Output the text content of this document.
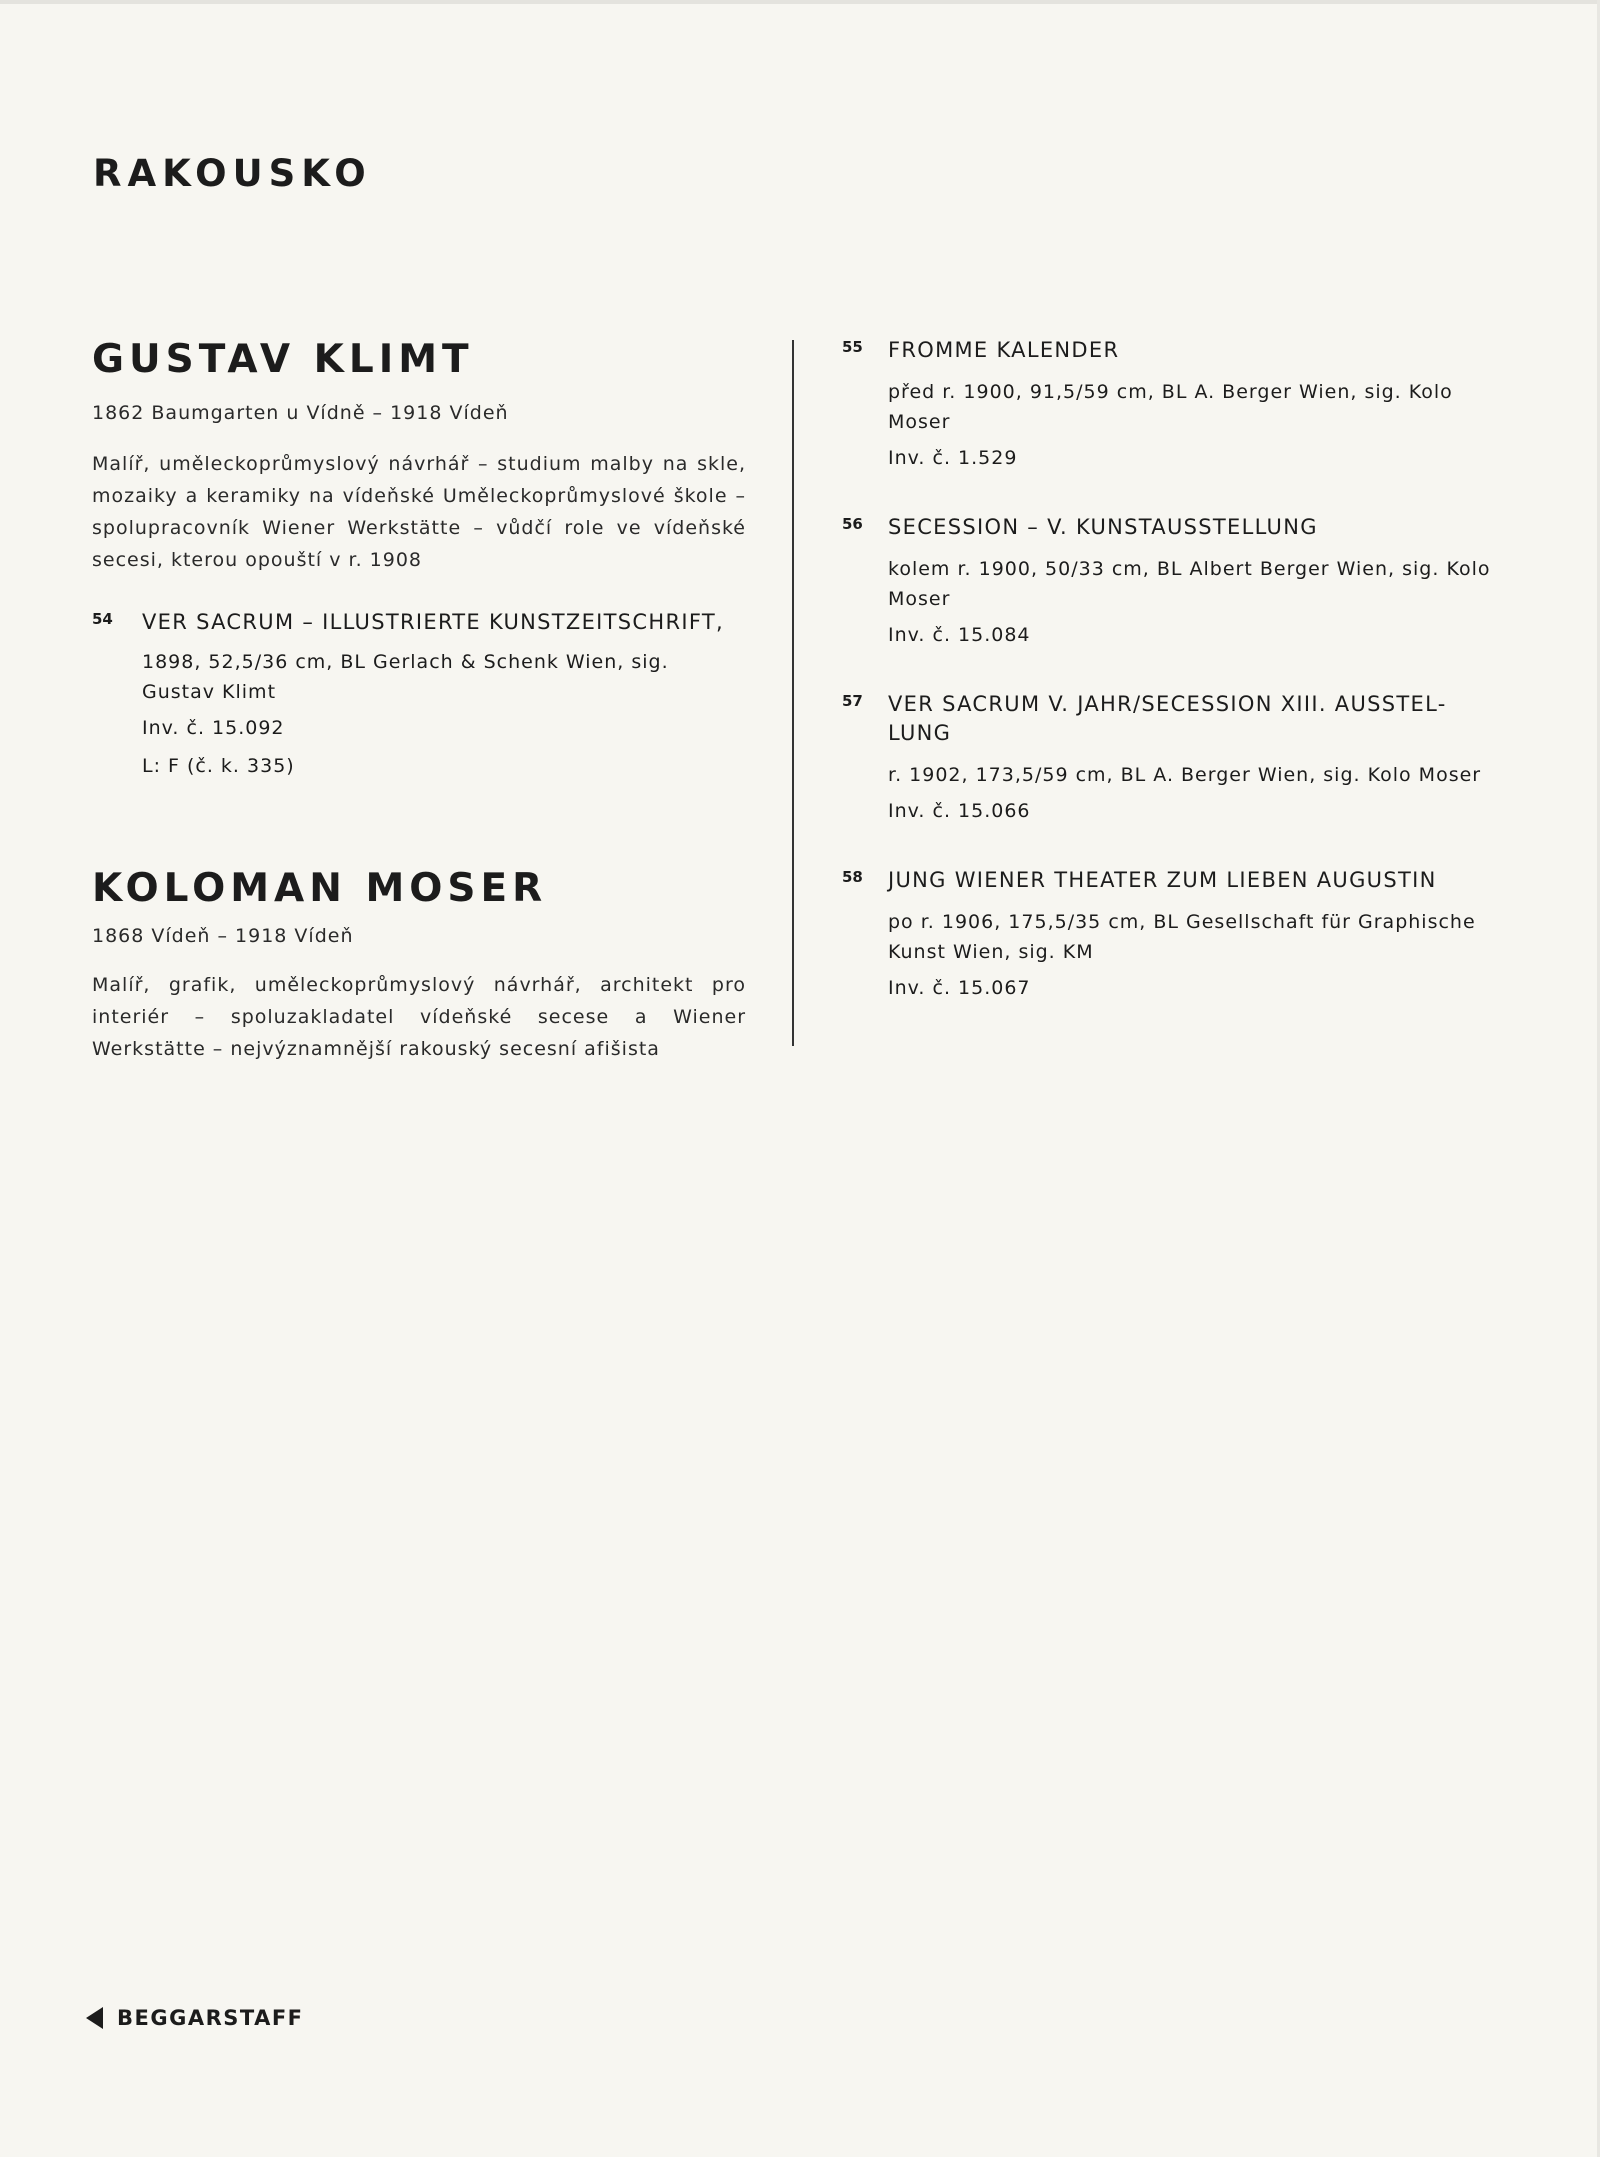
RAKOUSKO
GUSTAV KLIMT

1862 Baumgarten u Vídně – 1918 Vídeň

Malíř, uměleckoprůmyslový návrhář – studium malby na skle, mozaiky a keramiky na vídeňské Uměleckoprůmyslové škole – spolupracovník Wiener Werkstätte – vůdčí role ve vídeňské secesi, kterou opouští v r. 1908

54 VER SACRUM – ILLUSTRIERTE KUNSTZEITSCHRIFT,

1898, 52,5/36 cm, BL Gerlach & Schenk Wien, sig. Gustav Klimt

Inv. č. 15.092

L: F (č. k. 335)

KOLOMAN MOSER

1868 Vídeň – 1918 Vídeň

Malíř, grafik, uměleckoprůmyslový návrhář, architekt pro interiér – spoluzakladatel vídeňské secese a Wiener Werkstätte – nejvýznamnější rakouský secesní afišista

55 FROMME KALENDER

před r. 1900, 91,5/59 cm, BL A. Berger Wien, sig. Kolo Moser

Inv. č. 1.529

56 SECESSION – V. KUNSTAUSSTELLUNG

kolem r. 1900, 50/33 cm, BL Albert Berger Wien, sig. Kolo Moser

Inv. č. 15.084

57 VER SACRUM V. JAHR/SECESSION XIII. AUSSTEL-LUNG

r. 1902, 173,5/59 cm, BL A. Berger Wien, sig. Kolo Moser

Inv. č. 15.066

58 JUNG WIENER THEATER ZUM LIEBEN AUGUSTIN

po r. 1906, 175,5/35 cm, BL Gesellschaft für Graphische Kunst Wien, sig. KM

Inv. č. 15.067

BEGGARSTAFF
